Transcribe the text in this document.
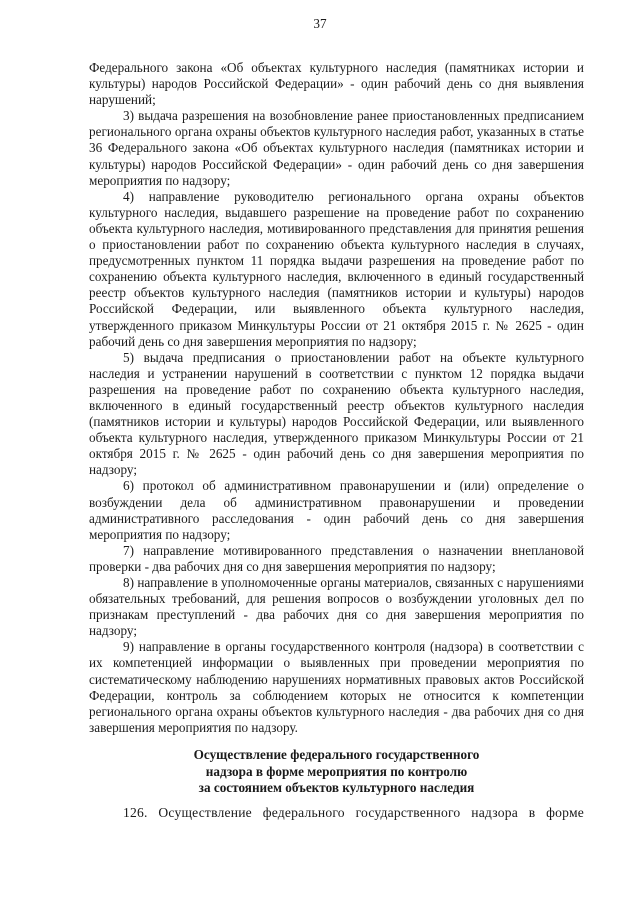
37

Федерального закона «Об объектах культурного наследия (памятниках истории и культуры) народов Российской Федерации» - один рабочий день со дня выявления нарушений;

3) выдача разрешения на возобновление ранее приостановленных предписанием регионального органа охраны объектов культурного наследия работ, указанных в статье 36 Федерального закона «Об объектах культурного наследия (памятниках истории и культуры) народов Российской Федерации» - один рабочий день со дня завершения мероприятия по надзору;

4) направление руководителю регионального органа охраны объектов культурного наследия, выдавшего разрешение на проведение работ по сохранению объекта культурного наследия, мотивированного представления для принятия решения о приостановлении работ по сохранению объекта культурного наследия в случаях, предусмотренных пунктом 11 порядка выдачи разрешения на проведение работ по сохранению объекта культурного наследия, включенного в единый государственный реестр объектов культурного наследия (памятников истории и культуры) народов Российской Федерации, или выявленного объекта культурного наследия, утвержденного приказом Минкультуры России от 21 октября 2015 г. № 2625 - один рабочий день со дня завершения мероприятия по надзору;

5) выдача предписания о приостановлении работ на объекте культурного наследия и устранении нарушений в соответствии с пунктом 12 порядка выдачи разрешения на проведение работ по сохранению объекта культурного наследия, включенного в единый государственный реестр объектов культурного наследия (памятников истории и культуры) народов Российской Федерации, или выявленного объекта культурного наследия, утвержденного приказом Минкультуры России от 21 октября 2015 г. № 2625 - один рабочий день со дня завершения мероприятия по надзору;

6) протокол об административном правонарушении и (или) определение о возбуждении дела об административном правонарушении и проведении административного расследования - один рабочий день со дня завершения мероприятия по надзору;

7) направление мотивированного представления о назначении внеплановой проверки - два рабочих дня со дня завершения мероприятия по надзору;

8) направление в уполномоченные органы материалов, связанных с нарушениями обязательных требований, для решения вопросов о возбуждении уголовных дел по признакам преступлений - два рабочих дня со дня завершения мероприятия по надзору;

9) направление в органы государственного контроля (надзора) в соответствии с их компетенцией информации о выявленных при проведении мероприятия по систематическому наблюдению нарушениях нормативных правовых актов Российской Федерации, контроль за соблюдением которых не относится к компетенции регионального органа охраны объектов культурного наследия - два рабочих дня со дня завершения мероприятия по надзору.

Осуществление федерального государственного
надзора в форме мероприятия по контролю
за состоянием объектов культурного наследия

126. Осуществление федерального государственного надзора в форме
